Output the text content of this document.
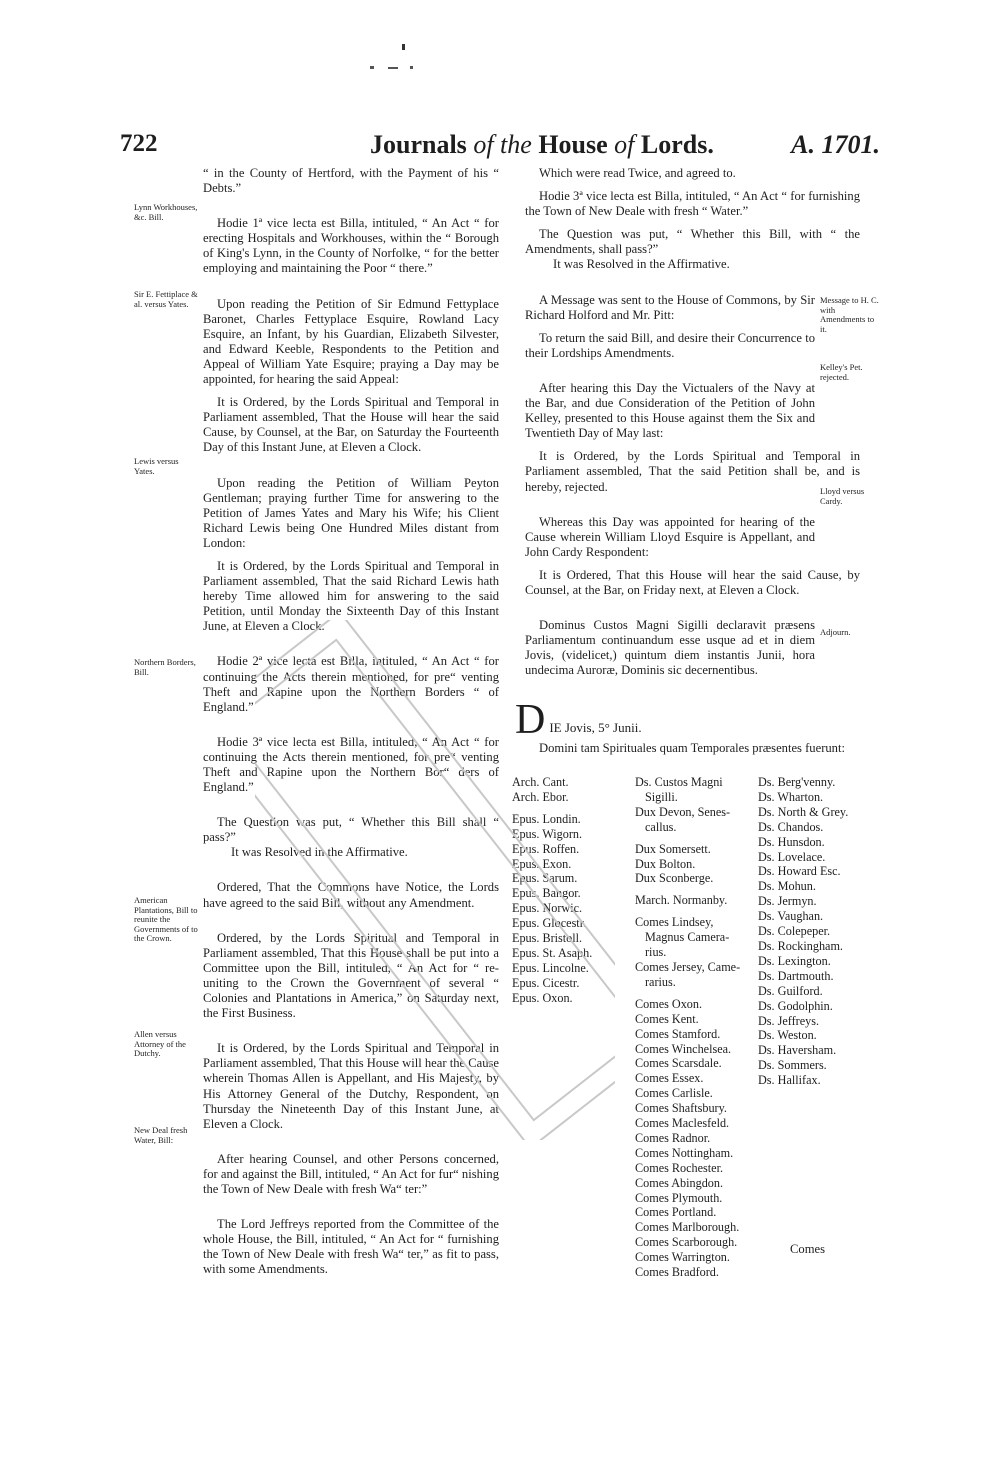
722	Journals of the House of Lords.	A. 1701.
Lynn Workhouses, &c. Bill.
Sir E. Fettiplace & al. versus Yates.
Lewis versus Yates.
Northern Borders, Bill.
American Plantations, Bill to reunite the Governments of to the Crown.
Allen versus Attorney of the Dutchy.
New Deal fresh Water, Bill:
Message to H. C. with Amendments to it.
Kelley's Pet. rejected.
Lloyd versus Cardy.
Adjourn.

“ in the County of Hertford, with the Payment of his “ Debts.”

Hodie 1ª vice lecta est Billa, intituled, “ An Act “ for erecting Hospitals and Workhouses, within the “ Borough of King's Lynn, in the County of Norfolke, “ for the better employing and maintaining the Poor “ there.”

Upon reading the Petition of Sir Edmund Fettyplace Baronet, Charles Fettyplace Esquire, Rowland Lacy Esquire, an Infant, by his Guardian, Elizabeth Silvester, and Edward Keeble, Respondents to the Petition and Appeal of William Yate Esquire; praying a Day may be appointed, for hearing the said Appeal:

It is Ordered, by the Lords Spiritual and Temporal in Parliament assembled, That the House will hear the said Cause, by Counsel, at the Bar, on Saturday the Fourteenth Day of this Instant June, at Eleven a Clock.

Upon reading the Petition of William Peyton Gentleman; praying further Time for answering to the Petition of James Yates and Mary his Wife; his Client Richard Lewis being One Hundred Miles distant from London:

It is Ordered, by the Lords Spiritual and Temporal in Parliament assembled, That the said Richard Lewis hath hereby Time allowed him for answering to the said Petition, until Monday the Sixteenth Day of this Instant June, at Eleven a Clock.

Hodie 2ª vice lecta est Billa, intituled, “ An Act “ for continuing the Acts therein mentioned, for pre“ venting Theft and Rapine upon the Northern Borders “ of England.”

Hodie 3ª vice lecta est Billa, intituled, “ An Act “ for continuing the Acts therein mentioned, for pre“ venting Theft and Rapine upon the Northern Bor“ ders of England.”

The Question was put, “ Whether this Bill shall “ pass?”

It was Resolved in the Affirmative.

Ordered, That the Commons have Notice, the Lords have agreed to the said Bill, without any Amendment.

Ordered, by the Lords Spiritual and Temporal in Parliament assembled, That this House shall be put into a Committee upon the Bill, intituled, “ An Act for “ re-uniting to the Crown the Government of several “ Colonies and Plantations in America,” on Saturday next, the First Business.

It is Ordered, by the Lords Spiritual and Temporal in Parliament assembled, That this House will hear the Cause wherein Thomas Allen is Appellant, and His Majesty, by His Attorney General of the Dutchy, Respondent, on Thursday the Nineteenth Day of this Instant June, at Eleven a Clock.

After hearing Counsel, and other Persons concerned, for and against the Bill, intituled, “ An Act for fur“ nishing the Town of New Deale with fresh Wa“ ter:”

The Lord Jeffreys reported from the Committee of the whole House, the Bill, intituled, “ An Act for “ furnishing the Town of New Deale with fresh Wa“ ter,” as fit to pass, with some Amendments.

Which were read Twice, and agreed to.

Hodie 3ª vice lecta est Billa, intituled, “ An Act “ for furnishing the Town of New Deale with fresh “ Water.”

The Question was put, “ Whether this Bill, with “ the Amendments, shall pass?”

It was Resolved in the Affirmative.

A Message was sent to the House of Commons, by Sir Richard Holford and Mr. Pitt:

To return the said Bill, and desire their Concurrence to their Lordships Amendments.

After hearing this Day the Victualers of the Navy at the Bar, and due Consideration of the Petition of John Kelley, presented to this House against them the Six and Twentieth Day of May last:

It is Ordered, by the Lords Spiritual and Temporal in Parliament assembled, That the said Petition shall be, and is hereby, rejected.

Whereas this Day was appointed for hearing of the Cause wherein William Lloyd Esquire is Appellant, and John Cardy Respondent:

It is Ordered, That this House will hear the said Cause, by Counsel, at the Bar, on Friday next, at Eleven a Clock.

Dominus Custos Magni Sigilli declaravit præsens Parliamentum continuandum esse usque ad et in diem Jovis, (videlicet,) quintum diem instantis Junii, hora undecima Auroræ, Dominis sic decernentibus.

D IE Jovis, 5° Junii.
Domini tam Spirituales quam Temporales præsentes fuerunt:
Arch. Cant.
Arch. Ebor.
Epus. Londin.
Epus. Wigorn.
Epus. Roffen.
Epus. Exon.
Epus. Sarum.
Epus. Bangor.
Epus. Norwic.
Epus. Glocestr.
Epus. Bristoll.
Epus. St. Asaph.
Epus. Lincolne.
Epus. Cicestr.
Epus. Oxon.
Ds. Custos Magni
Sigilli.
Dux Devon, Senes-
callus.
Dux Somersett.
Dux Bolton.
Dux Sconberge.
March. Normanby.
Comes Lindsey,
Magnus Camera-
rius.
Comes Jersey, Came-
rarius.
Comes Oxon.
Comes Kent.
Comes Stamford.
Comes Winchelsea.
Comes Scarsdale.
Comes Essex.
Comes Carlisle.
Comes Shaftsbury.
Comes Maclesfeld.
Comes Radnor.
Comes Nottingham.
Comes Rochester.
Comes Abingdon.
Comes Plymouth.
Comes Portland.
Comes Marlborough.
Comes Scarborough.
Comes Warrington.
Comes Bradford.
Ds. Berg'venny.
Ds. Wharton.
Ds. North & Grey.
Ds. Chandos.
Ds. Hunsdon.
Ds. Lovelace.
Ds. Howard Esc.
Ds. Mohun.
Ds. Jermyn.
Ds. Vaughan.
Ds. Colepeper.
Ds. Rockingham.
Ds. Lexington.
Ds. Dartmouth.
Ds. Guilford.
Ds. Godolphin.
Ds. Jeffreys.
Ds. Weston.
Ds. Haversham.
Ds. Sommers.
Ds. Hallifax.
Comes
